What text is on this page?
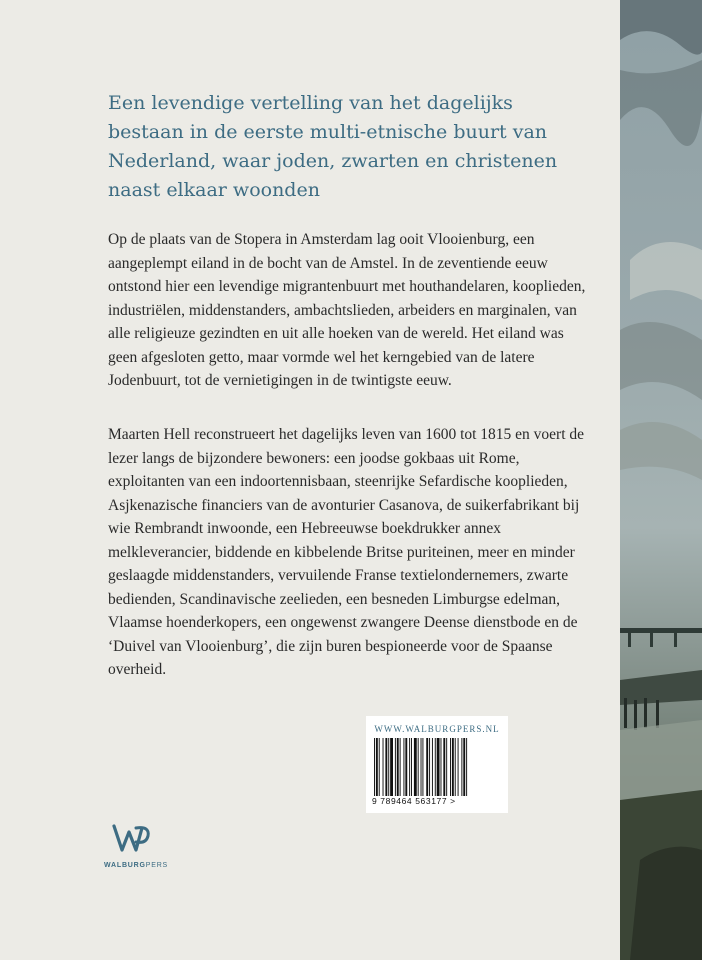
Een levendige vertelling van het dagelijks bestaan in de eerste multi-etnische buurt van Nederland, waar joden, zwarten en christenen naast elkaar woonden

Op de plaats van de Stopera in Amsterdam lag ooit Vlooienburg, een aangeplempt eiland in de bocht van de Amstel. In de zeventiende eeuw ontstond hier een levendige migrantenbuurt met houthandelaren, kooplieden, industriëlen, middenstanders, ambachtslieden, arbeiders en marginalen, van alle religieuze gezindten en uit alle hoeken van de wereld. Het eiland was geen afgesloten getto, maar vormde wel het kerngebied van de latere Jodenbuurt, tot de vernietigingen in de twintigste eeuw.

Maarten Hell reconstrueert het dagelijks leven van 1600 tot 1815 en voert de lezer langs de bijzondere bewoners: een joodse gokbaas uit Rome, exploitanten van een indoortennisbaan, steenrijke Sefardische kooplieden, Asjkenazische financiers van de avonturier Casanova, de suikerfabrikant bij wie Rembrandt inwoonde, een Hebreeuwse boekdrukker annex melkleverancier, biddende en kibbelende Britse puriteinen, meer en minder geslaagde middenstanders, vervuilende Franse textielondernemers, zwarte bedienden, Scandinavische zeelieden, een besneden Limburgse edelman, Vlaamse hoenderkopers, een ongewenst zwangere Deense dienstbode en de ‘Duivel van Vlooienburg’, die zijn buren bespioneerde voor de Spaanse overheid.

WWW.WALBURGPERS.NL
9 789464 563177 >
WALBURGPERS
